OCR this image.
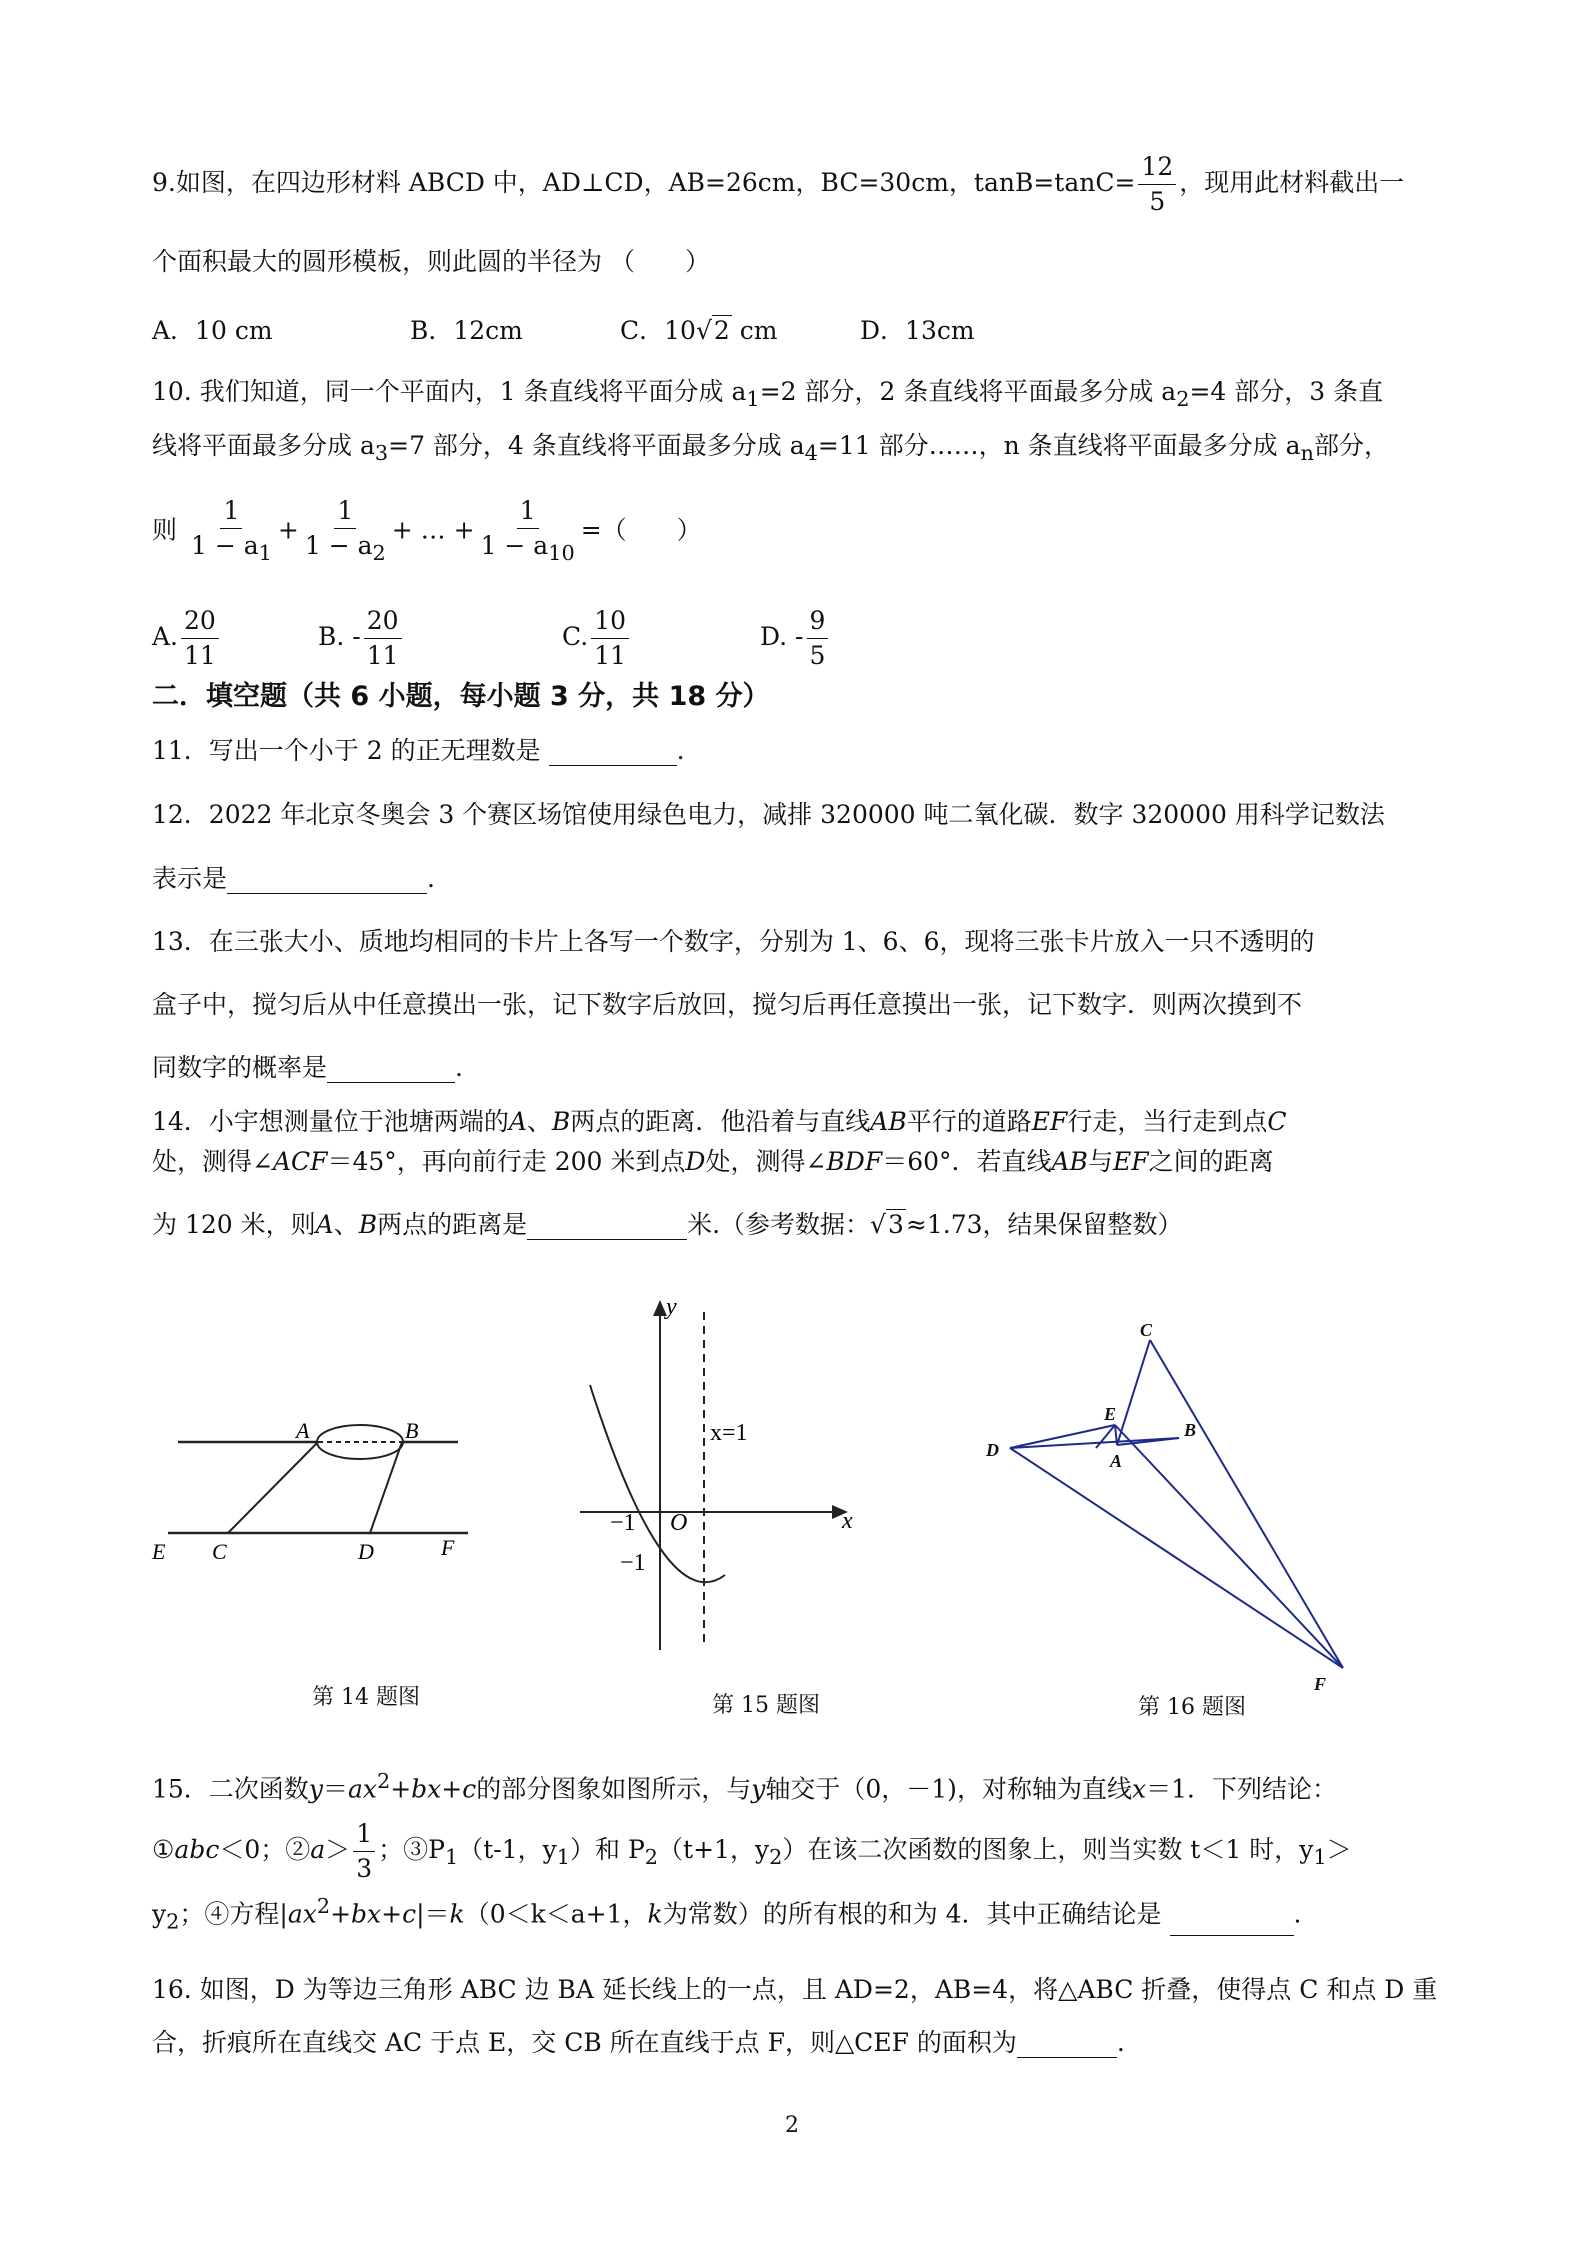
9.如图，在四边形材料 ABCD 中，AD⊥CD，AB=26cm，BC=30cm，$\tan B=\tan C= \frac{12}{5}$ ，现用此材料截出一
个面积最大的圆形模板，则此圆的半径为 （　　）
A．10 cm	B．12cm	C．10√2 cm	D．13cm
10. 我们知道，同一个平面内，1 条直线将平面分成 $a_1=2$ 部分，2 条直线将平面最多分成 $a_2=4$ 部分，3 条直
线将平面最多分成 $a_3=7$ 部分，4 条直线将平面最多分成 $a_4=11$ 部分……，n 条直线将平面最多分成 $a_n$部分，
则 $\frac{1}{1 - a_1} + \frac{1}{1 - a_2}$ + … + $\frac{1}{1 - a_{10}}$ =（　　）
A. $\frac{20}{11}$	B. - $\frac{20}{11}$	C. $\frac{10}{11}$	D. - $\frac{9}{5}$
二．填空题（共 6 小题，每小题 3 分，共 18 分）
11．写出一个小于 2 的正无理数是	.
12．2022 年北京冬奥会 3 个赛区场馆使用绿色电力，减排 320000 吨二氧化碳．数字 320000 用科学记数法
表示是	.
13．在三张大小、质地均相同的卡片上各写一个数字，分别为 1、6、6，现将三张卡片放入一只不透明的
盒子中，搅匀后从中任意摸出一张，记下数字后放回，搅匀后再任意摸出一张，记下数字．则两次摸到不
同数字的概率是	.
14．小宇想测量位于池塘两端的A、B两点的距离．他沿着与直线AB平行的道路EF行走，当行走到点C
处，测得∠ACF＝45°，再向前行走 200 米到点D处，测得∠BDF＝60°．若直线AB与EF之间的距离
为 120 米，则A、B两点的距离是	米.（参考数据：√3≈1.73，结果保留整数）
A	B
C	D
E	F
第 14 题图
y
x
O
x=1
−1
−1
第 15 题图
C
E
A
B
D
F
第 16 题图
15．二次函数$y=ax^2+bx+c$的部分图象如图所示，与y轴交于（0，－1)，对称轴为直线x＝1．下列结论：
①abc＜0；②a＞ $\frac{1}{3}$ ；$③P_1(t-1$，$y_1$）和 $P_2(t+1$，$y_2$）在该二次函数的图象上，则当实数 t＜1 时，$y_1>$
$y_2$；④方程$|ax^2+bx+c|=k(0<k<a+1$，k为常数）的所有根的和为 4．其中正确结论是	.
16. 如图，D 为等边三角形 ABC 边 BA 延长线上的一点，且 AD=2，AB=4，将△ABC 折叠，使得点 C 和点 D 重
合，折痕所在直线交 AC 于点 E，交 CB 所在直线于点 F，则△CEF 的面积为	.
2
